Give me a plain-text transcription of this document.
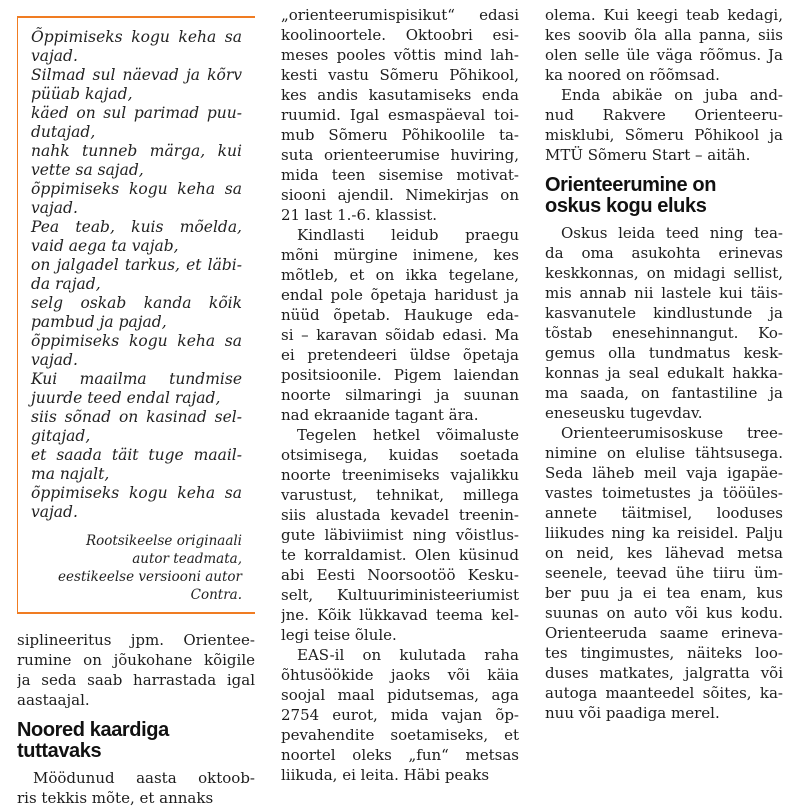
Õppimiseks kogu keha sa
vajad.
Silmad sul näevad ja kõrv
püüab kajad,
käed on sul parimad puu-
dutajad,
nahk tunneb märga, kui
vette sa sajad,
õppimiseks kogu keha sa
vajad.
Pea teab, kuis mõelda,
vaid aega ta vajab,
on jalgadel tarkus, et läbi-
da rajad,
selg oskab kanda kõik
pambud ja pajad,
õppimiseks kogu keha sa
vajad.
Kui maailma tundmise
juurde teed endal rajad,
siis sõnad on kasinad sel-
gitajad,
et saada täit tuge maail-
ma najalt,
õppimiseks kogu keha sa
vajad.
Rootsikeelse originaali
autor teadmata,
eestikeelse versiooni autor Contra.
siplineeritus jpm. Orientee-
rumine on jõukohane kõigile
ja seda saab harrastada igal
aastaajal.
Noored kaardiga
tuttavaks
Möödunud aasta oktoob-
ris tekkis mõte, et annaks
„orienteerumispisikut“ edasi
koolinoortele. Oktoobri esi-
meses pooles võttis mind lah-
kesti vastu Sõmeru Põhikool,
kes andis kasutamiseks enda
ruumid. Igal esmaspäeval toi-
mub Sõmeru Põhikoolile ta-
suta orienteerumise huviring,
mida teen sisemise motivat-
siooni ajendil. Nimekirjas on
21 last 1.-6. klassist.
Kindlasti leidub praegu
mõni mürgine inimene, kes
mõtleb, et on ikka tegelane,
endal pole õpetaja haridust ja
nüüd õpetab. Haukuge eda-
si – karavan sõidab edasi. Ma
ei pretendeeri üldse õpetaja
positsioonile. Pigem laiendan
noorte silmaringi ja suunan
nad ekraanide tagant ära.
Tegelen hetkel võimaluste
otsimisega, kuidas soetada
noorte treenimiseks vajalikku
varustust, tehnikat, millega
siis alustada kevadel treenin-
gute läbiviimist ning võistlus-
te korraldamist. Olen küsinud
abi Eesti Noorsootöö Kesku-
selt, Kultuuriministeeriumist
jne. Kõik lükkavad teema kel-
legi teise õlule.
EAS-il on kulutada raha
õhtusöökide jaoks või käia
soojal maal pidutsemas, aga
2754 eurot, mida vajan õp-
pevahendite soetamiseks, et
noortel oleks „fun“ metsas
liikuda, ei leita. Häbi peaks
olema. Kui keegi teab kedagi,
kes soovib õla alla panna, siis
olen selle üle väga rõõmus. Ja
ka noored on rõõmsad.
Enda abikäe on juba and-
nud Rakvere Orienteeru-
misklubi, Sõmeru Põhikool ja
MTÜ Sõmeru Start – aitäh.
Orienteerumine on
oskus kogu eluks
Oskus leida teed ning tea-
da oma asukohta erinevas
keskkonnas, on midagi sellist,
mis annab nii lastele kui täis-
kasvanutele kindlustunde ja
tõstab enesehinnangut. Ko-
gemus olla tundmatus kesk-
konnas ja seal edukalt hakka-
ma saada, on fantastiline ja
eneseusku tugevdav.
Orienteerumisoskuse tree-
nimine on elulise tähtsusega.
Seda läheb meil vaja igapäe-
vastes toimetustes ja tööüles-
annete täitmisel, looduses
liikudes ning ka reisidel. Palju
on neid, kes lähevad metsa
seenele, teevad ühe tiiru üm-
ber puu ja ei tea enam, kus
suunas on auto või kus kodu.
Orienteeruda saame erineva-
tes tingimustes, näiteks loo-
duses matkates, jalgratta või
autoga maanteedel sõites, ka-
nuu või paadiga merel.
